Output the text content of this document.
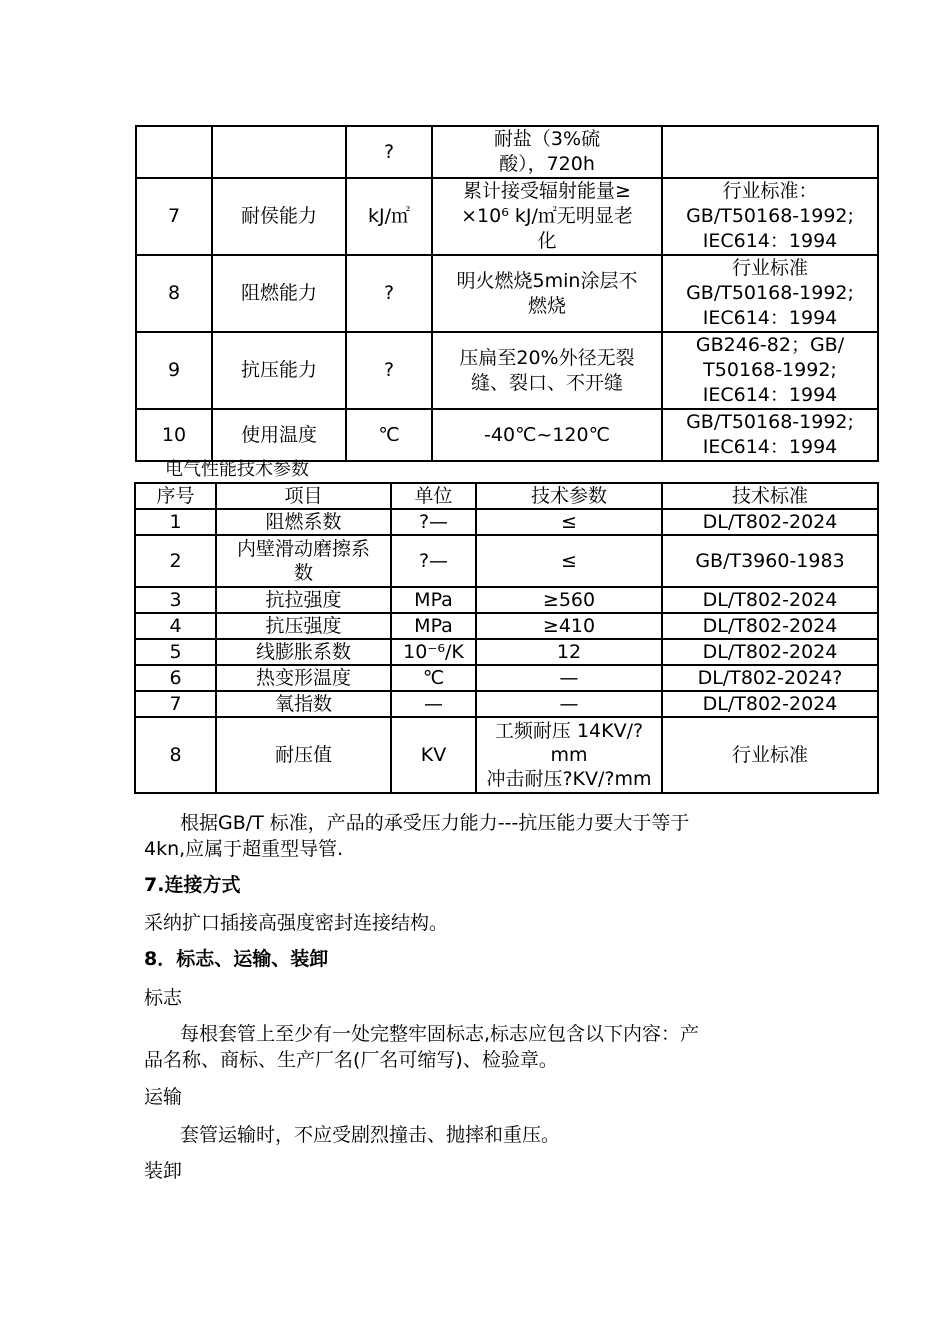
		?	耐盐（3%硫
酸），720h	
7	耐侯能力	kJ/㎡	累计接受辐射能量≥
×10⁶ kJ/㎡无明显老
化	行业标准：
GB/T50168-1992;
IEC614：1994
8	阻燃能力	?	明火燃烧5min涂层不
燃烧	行业标准
GB/T50168-1992;
IEC614：1994
9	抗压能力	?	压扁至20%外径无裂
缝、裂口、不开缝	GB246-82；GB/
T50168-1992;
IEC614：1994
10	使用温度	℃	-40℃~120℃	GB/T50168-1992;
IEC614：1994
电气性能技术参数
序号	项目	单位	技术参数	技术标准
1	阻燃系数	?—	≤	DL/T802-2024
2	内壁滑动磨擦系
数	?—	≤	GB/T3960-1983
3	抗拉强度	MPa	≥560	DL/T802-2024
4	抗压强度	MPa	≥410	DL/T802-2024
5	线膨胀系数	10⁻⁶/K	12	DL/T802-2024
6	热变形温度	℃	—	DL/T802-2024?
7	氧指数	—	—	DL/T802-2024
8	耐压值	KV	工频耐压 14KV/?
mm
冲击耐压?KV/?mm	行业标准
根据GB/T 标准，产品的承受压力能力---抗压能力要大于等于
4kn,应属于超重型导管.
7.连接方式
采纳扩口插接高强度密封连接结构。
8．标志、运输、装卸
标志
每根套管上至少有一处完整牢固标志,标志应包含以下内容：产
品名称、商标、生产厂名(厂名可缩写)、检验章。
运输
套管运输时，不应受剧烈撞击、抛摔和重压。
装卸
